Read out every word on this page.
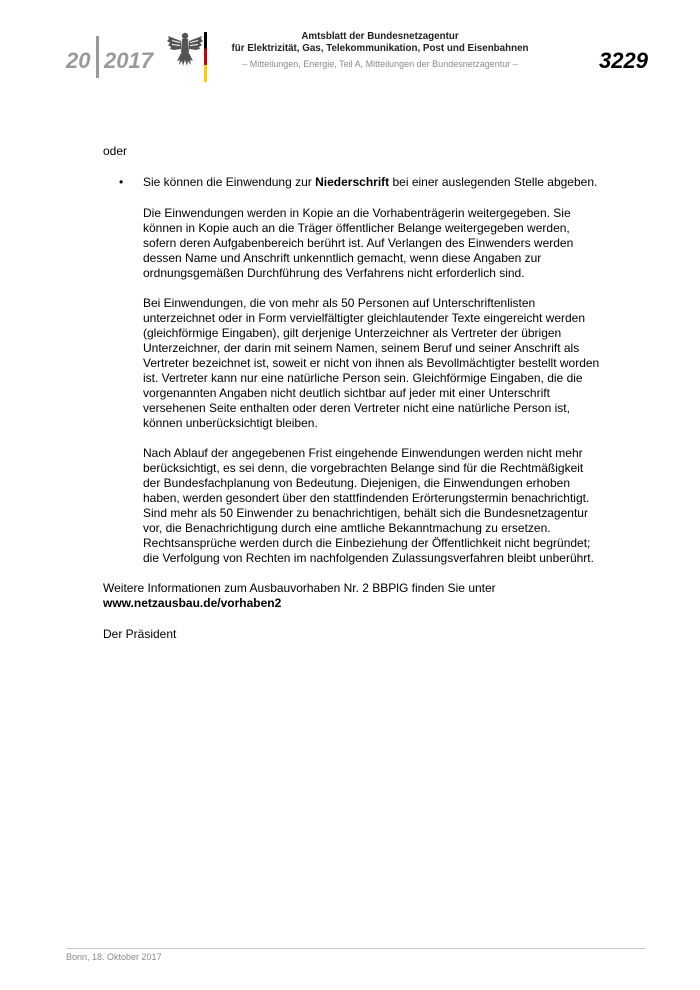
20 2017
Amtsblatt der Bundesnetzagentur
für Elektrizität, Gas, Telekommunikation, Post und Eisenbahnen
– Mitteilungen, Energie, Teil A, Mitteilungen der Bundesnetzagentur –	3229

oder

• Sie können die Einwendung zur Niederschrift bei einer auslegenden Stelle abgeben.

Die Einwendungen werden in Kopie an die Vorhabenträgerin weitergegeben. Sie können in Kopie auch an die Träger öffentlicher Belange weitergegeben werden, sofern deren Aufgabenbereich berührt ist. Auf Verlangen des Einwenders werden dessen Name und Anschrift unkenntlich gemacht, wenn diese Angaben zur ordnungsgemäßen Durchführung des Verfahrens nicht erforderlich sind.

Bei Einwendungen, die von mehr als 50 Personen auf Unterschriftenlisten unterzeichnet oder in Form vervielfältigter gleichlautender Texte eingereicht werden (gleichförmige Eingaben), gilt derjenige Unterzeichner als Vertreter der übrigen Unterzeichner, der darin mit seinem Namen, seinem Beruf und seiner Anschrift als Vertreter bezeichnet ist, soweit er nicht von ihnen als Bevollmächtigter bestellt worden ist. Vertreter kann nur eine natürliche Person sein. Gleichförmige Eingaben, die die vorgenannten Angaben nicht deutlich sichtbar auf jeder mit einer Unterschrift versehenen Seite enthalten oder deren Vertreter nicht eine natürliche Person ist, können unberücksichtigt bleiben.

Nach Ablauf der angegebenen Frist eingehende Einwendungen werden nicht mehr berücksichtigt, es sei denn, die vorgebrachten Belange sind für die Rechtmäßigkeit der Bundesfachplanung von Bedeutung. Diejenigen, die Einwendungen erhoben haben, werden gesondert über den stattfindenden Erörterungstermin benachrichtigt. Sind mehr als 50 Einwender zu benachrichtigen, behält sich die Bundesnetzagentur vor, die Benachrichtigung durch eine amtliche Bekanntmachung zu ersetzen. Rechtsansprüche werden durch die Einbeziehung der Öffentlichkeit nicht begründet; die Verfolgung von Rechten im nachfolgenden Zulassungsverfahren bleibt unberührt.

Weitere Informationen zum Ausbauvorhaben Nr. 2 BBPlG finden Sie unter
www.netzausbau.de/vorhaben2

Der Präsident

Bonn, 18. Oktober 2017
